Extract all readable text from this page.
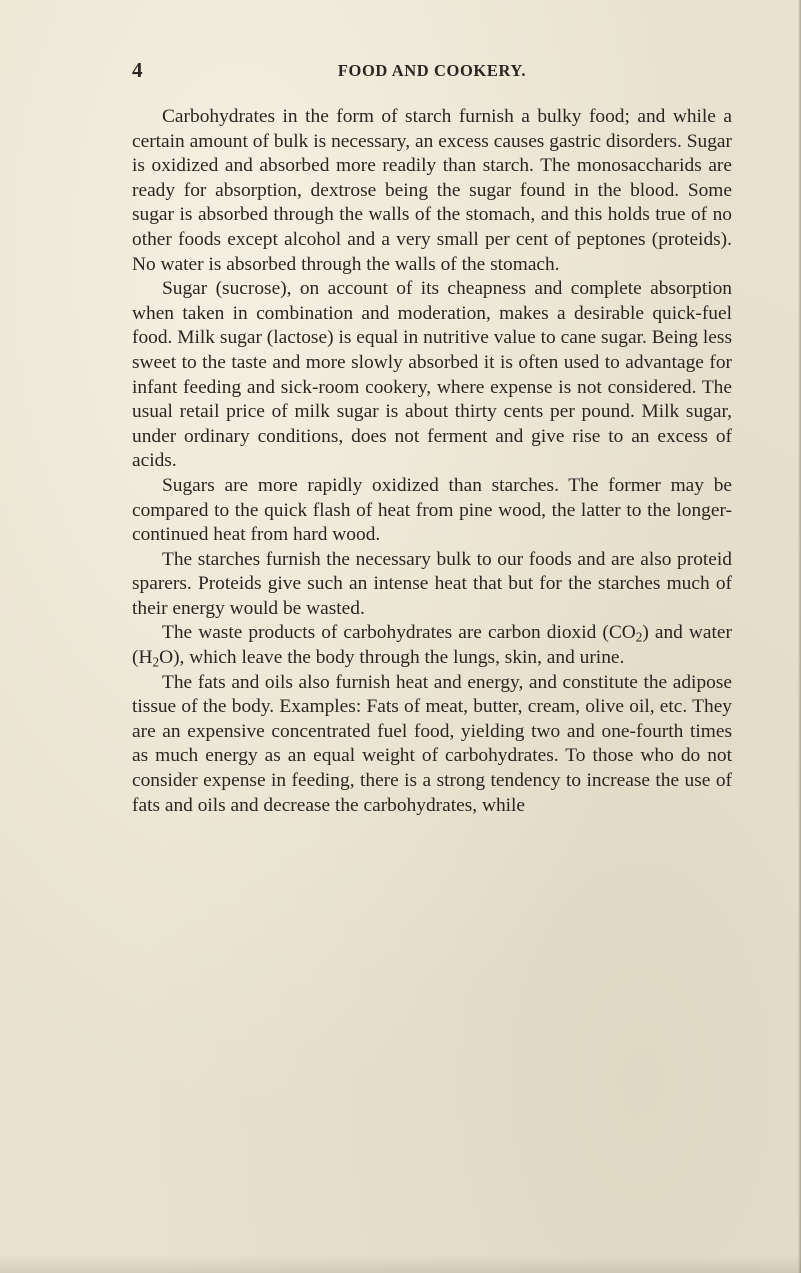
4	FOOD AND COOKERY.

Carbohydrates in the form of starch furnish a bulky food; and while a certain amount of bulk is necessary, an excess causes gastric disorders. Sugar is oxidized and absorbed more readily than starch. The monosaccharids are ready for absorption, dextrose being the sugar found in the blood. Some sugar is absorbed through the walls of the stomach, and this holds true of no other foods except alcohol and a very small per cent of peptones (proteids). No water is absorbed through the walls of the stomach.

Sugar (sucrose), on account of its cheapness and complete absorption when taken in combination and moderation, makes a desirable quick-fuel food. Milk sugar (lactose) is equal in nutritive value to cane sugar. Being less sweet to the taste and more slowly absorbed it is often used to advantage for infant feeding and sick-room cookery, where expense is not considered. The usual retail price of milk sugar is about thirty cents per pound. Milk sugar, under ordinary conditions, does not ferment and give rise to an excess of acids.

Sugars are more rapidly oxidized than starches. The former may be compared to the quick flash of heat from pine wood, the latter to the longer-continued heat from hard wood.

The starches furnish the necessary bulk to our foods and are also proteid sparers. Proteids give such an intense heat that but for the starches much of their energy would be wasted.

The waste products of carbohydrates are carbon dioxid $(CO_2)$ and water $(H_2O)$, which leave the body through the lungs, skin, and urine.

The fats and oils also furnish heat and energy, and constitute the adipose tissue of the body. Examples: Fats of meat, butter, cream, olive oil, etc. They are an expensive concentrated fuel food, yielding two and one-fourth times as much energy as an equal weight of carbohydrates. To those who do not consider expense in feeding, there is a strong tendency to increase the use of fats and oils and decrease the carbohydrates, while
